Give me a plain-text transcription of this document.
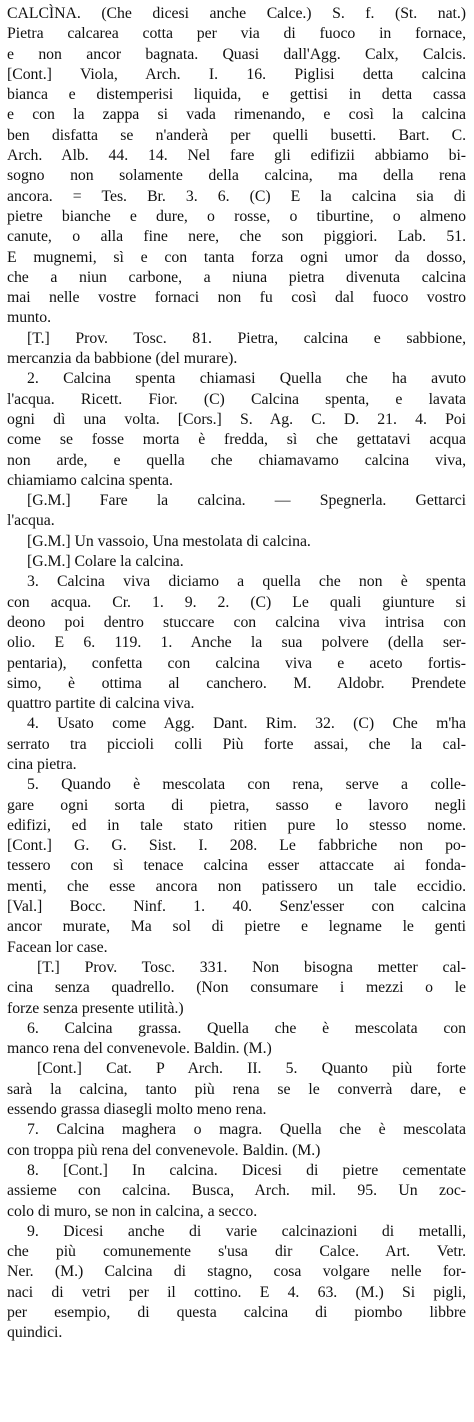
CALCÌNA. (Che dicesi anche Calce.) S. f. (St. nat.)
Pietra calcarea cotta per via di fuoco in fornace,
e non ancor bagnata. Quasi dall'Agg. Calx, Calcis.
[Cont.] Viola, Arch. I. 16. Piglisi detta calcina
bianca e distemperisi liquida, e gettisi in detta cassa
e con la zappa si vada rimenando, e così la calcina
ben disfatta se n'anderà per quelli busetti. Bart. C.
Arch. Alb. 44. 14. Nel fare gli edifizii abbiamo bi-
sogno non solamente della calcina, ma della rena
ancora. = Tes. Br. 3. 6. (C) E la calcina sia di
pietre bianche e dure, o rosse, o tiburtine, o almeno
canute, o alla fine nere, che son piggiori. Lab. 51.
E mugnemi, sì e con tanta forza ogni umor da dosso,
che a niun carbone, a niuna pietra divenuta calcina
mai nelle vostre fornaci non fu così dal fuoco vostro
munto.
[T.] Prov. Tosc. 81. Pietra, calcina e sabbione,
mercanzia da babbione (del murare).
2. Calcina spenta chiamasi Quella che ha avuto
l'acqua. Ricett. Fior. (C) Calcina spenta, e lavata
ogni dì una volta. [Cors.] S. Ag. C. D. 21. 4. Poi
come se fosse morta è fredda, sì che gettatavi acqua
non arde, e quella che chiamavamo calcina viva,
chiamiamo calcina spenta.
[G.M.] Fare la calcina. — Spegnerla. Gettarci
l'acqua.
[G.M.] Un vassoio, Una mestolata di calcina.
[G.M.] Colare la calcina.
3. Calcina viva diciamo a quella che non è spenta
con acqua. Cr. 1. 9. 2. (C) Le quali giunture si
deono poi dentro stuccare con calcina viva intrisa con
olio. E 6. 119. 1. Anche la sua polvere (della ser-
pentaria), confetta con calcina viva e aceto fortis-
simo, è ottima al canchero. M. Aldobr. Prendete
quattro partite di calcina viva.
4. Usato come Agg. Dant. Rim. 32. (C) Che m'ha
serrato tra piccioli colli Più forte assai, che la cal-
cina pietra.
5. Quando è mescolata con rena, serve a colle-
gare ogni sorta di pietra, sasso e lavoro negli
edifizi, ed in tale stato ritien pure lo stesso nome.
[Cont.] G. G. Sist. I. 208. Le fabbriche non po-
tessero con sì tenace calcina esser attaccate ai fonda-
menti, che esse ancora non patissero un tale eccidio.
[Val.] Bocc. Ninf. 1. 40. Senz'esser con calcina
ancor murate, Ma sol di pietre e legname le genti
Facean lor case.
[T.] Prov. Tosc. 331. Non bisogna metter cal-
cina senza quadrello. (Non consumare i mezzi o le
forze senza presente utilità.)
6. Calcina grassa. Quella che è mescolata con
manco rena del convenevole. Baldin. (M.)
[Cont.] Cat. P Arch. II. 5. Quanto più forte
sarà la calcina, tanto più rena se le converrà dare, e
essendo grassa diasegli molto meno rena.
7. Calcina maghera o magra. Quella che è mescolata
con troppa più rena del convenevole. Baldin. (M.)
8. [Cont.] In calcina. Dicesi di pietre cementate
assieme con calcina. Busca, Arch. mil. 95. Un zoc-
colo di muro, se non in calcina, a secco.
9. Dicesi anche di varie calcinazioni di metalli,
che più comunemente s'usa dir Calce. Art. Vetr.
Ner. (M.) Calcina di stagno, cosa volgare nelle for-
naci di vetri per il cottino. E 4. 63. (M.) Si pigli,
per esempio, di questa calcina di piombo libbre
quindici.
